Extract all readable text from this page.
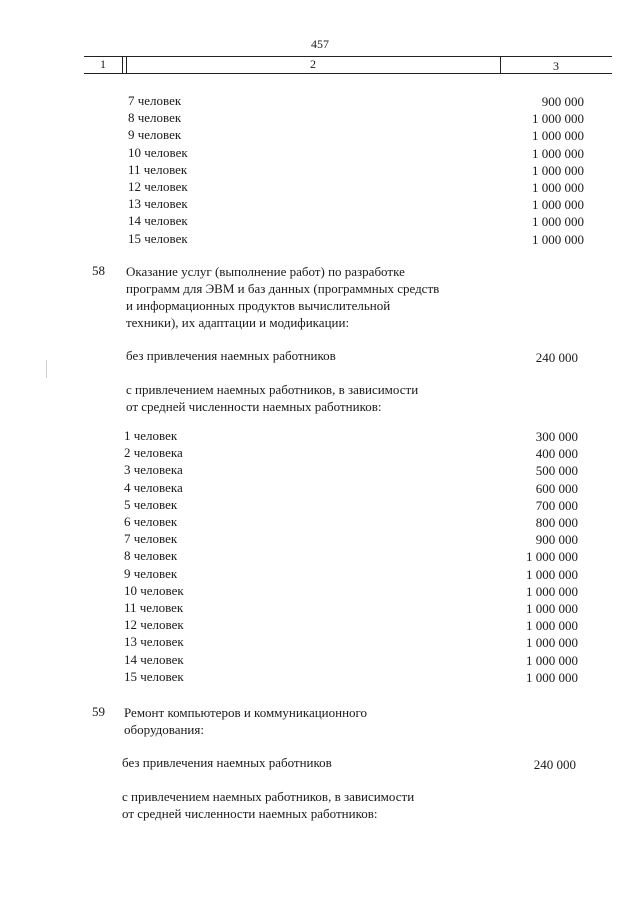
457
1	2	3
7 человек	900 000
8 человек	1 000 000
9 человек	1 000 000
10 человек	1 000 000
11 человек	1 000 000
12 человек	1 000 000
13 человек	1 000 000
14 человек	1 000 000
15 человек	1 000 000
58 Оказание услуг (выполнение работ) по разработке
программ для ЭВМ и баз данных (программных средств
и информационных продуктов вычислительной
техники), их адаптации и модификации:
без привлечения наемных работников	240 000
с привлечением наемных работников, в зависимости
от средней численности наемных работников:
1 человек	300 000
2 человека	400 000
3 человека	500 000
4 человека	600 000
5 человек	700 000
6 человек	800 000
7 человек	900 000
8 человек	1 000 000
9 человек	1 000 000
10 человек	1 000 000
11 человек	1 000 000
12 человек	1 000 000
13 человек	1 000 000
14 человек	1 000 000
15 человек	1 000 000
59 Ремонт компьютеров и коммуникационного
оборудования:
без привлечения наемных работников	240 000
с привлечением наемных работников, в зависимости
от средней численности наемных работников:
